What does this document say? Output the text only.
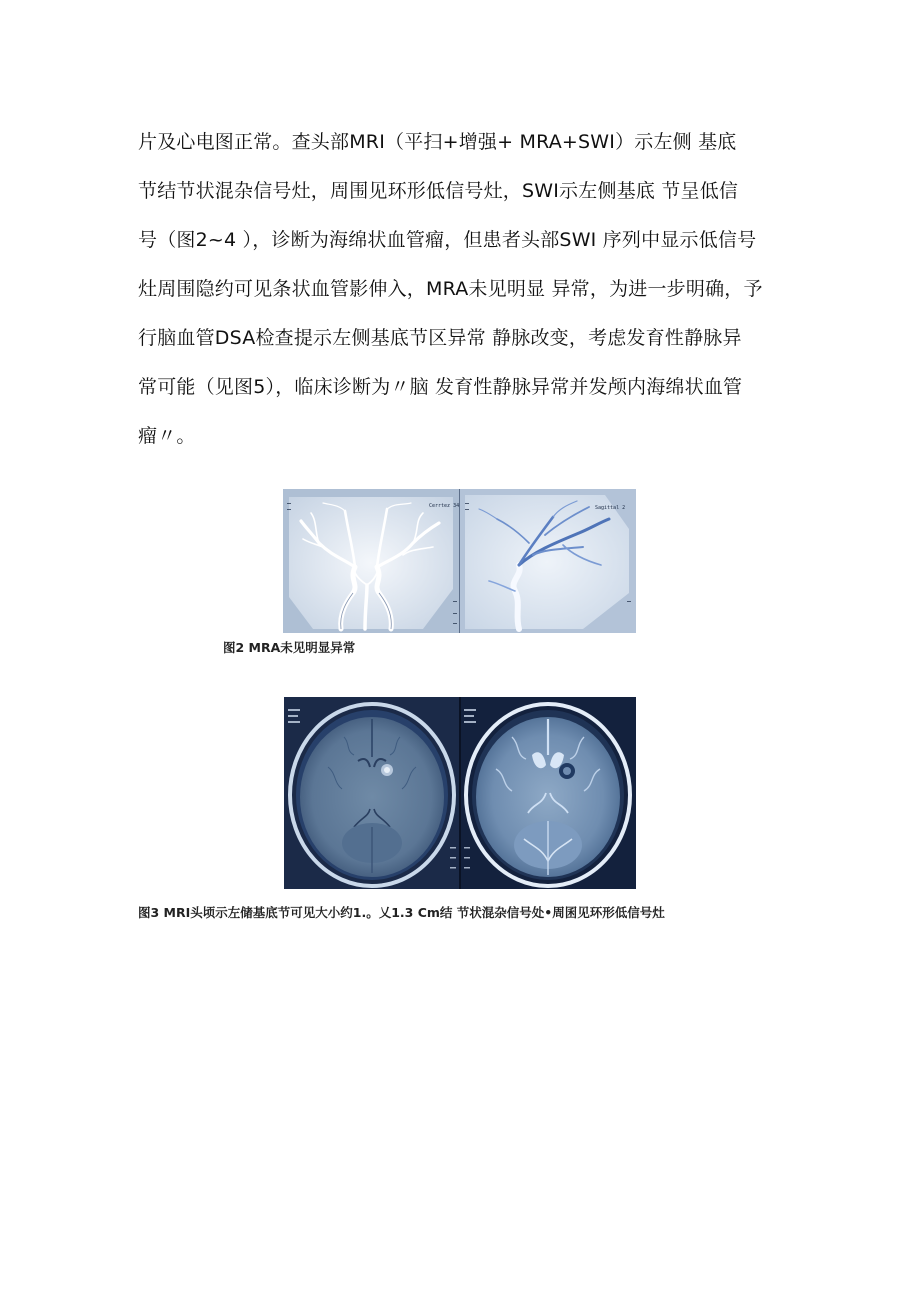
片及心电图正常。查头部MRI（平扫+增强+ MRA+SWI）示左侧 基底
节结节状混杂信号灶，周围见环形低信号灶，SWI示左侧基底 节呈低信
号（图2~4 ），诊断为海绵状血管瘤，但患者头部SWI 序列中显示低信号
灶周围隐约可见条状血管影伸入，MRA未见明显 异常，为进一步明确，予
行脑血管DSA检查提示左侧基底节区异常 静脉改变，考虑发育性静脉异
常可能（见图5），临床诊断为〃脑 发育性静脉异常并发颅内海绵状血管
瘤〃。
Cerrtez 34	Sagittal 2
图2 MRA未见明显异常
图3 MRI头顷示左储基底节可见大小约1.。乂1.3 Cm结 节状混杂信号处•周囷见环形低信号灶
